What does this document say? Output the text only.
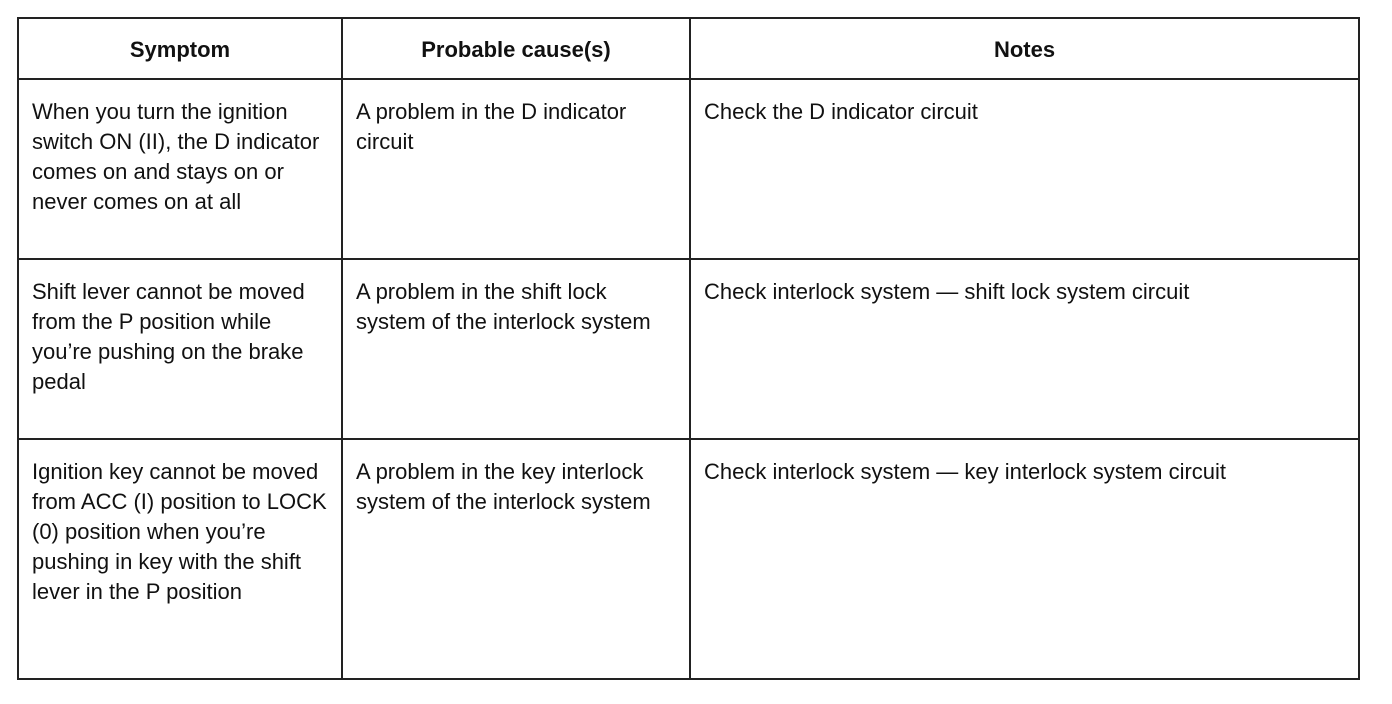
Symptom	Probable cause(s)	Notes
When you turn the ignition switch ON (II), the D indicator comes on and stays on or never comes on at all
A problem in the D indicator circuit
Check the D indicator circuit
Shift lever cannot be moved from the P position while you’re pushing on the brake pedal
A problem in the shift lock system of the interlock system
Check interlock system — shift lock system circuit
Ignition key cannot be moved from ACC (I) position to LOCK (0) position when you’re pushing in key with the shift lever in the P position
A problem in the key interlock system of the interlock system
Check interlock system — key interlock system circuit
